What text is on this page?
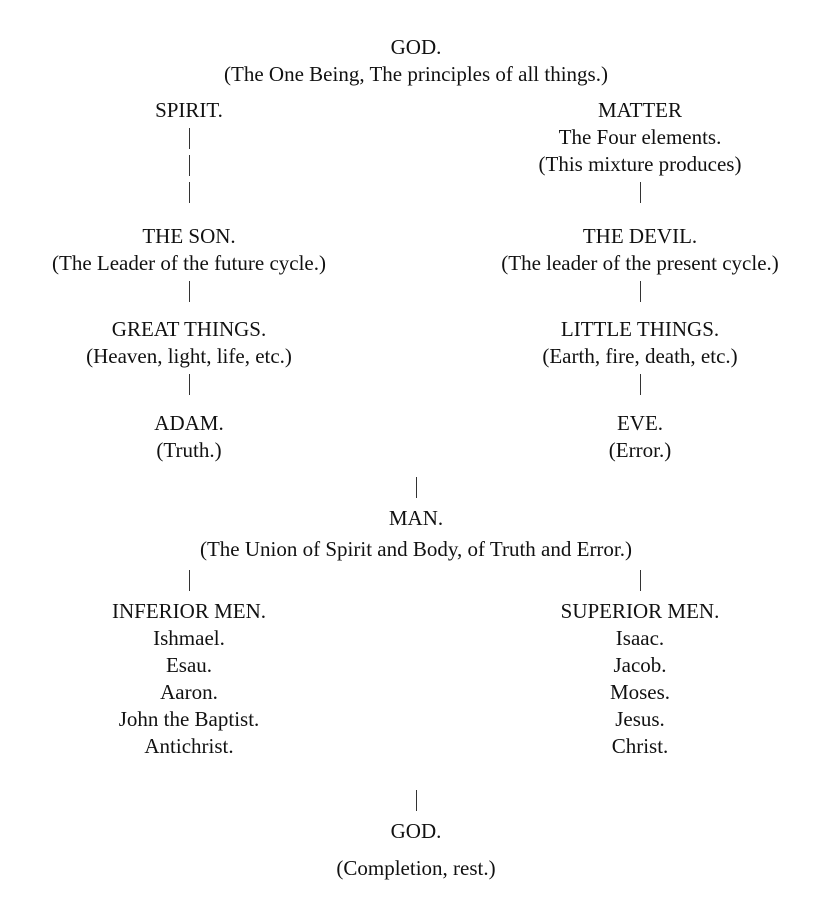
GOD.
(The One Being, The principles of all things.)
SPIRIT.	MATTER
The Four elements.
(This mixture produces)
THE SON.
(The Leader of the future cycle.)
THE DEVIL.
(The leader of the present cycle.)
GREAT THINGS.
(Heaven, light, life, etc.)
LITTLE THINGS.
(Earth, fire, death, etc.)
ADAM.
(Truth.)
EVE.
(Error.)
MAN.
(The Union of Spirit and Body, of Truth and Error.)
INFERIOR MEN.
Ishmael.
Esau.
Aaron.
John the Baptist.
Antichrist.
SUPERIOR MEN.
Isaac.
Jacob.
Moses.
Jesus.
Christ.
GOD.
(Completion, rest.)
